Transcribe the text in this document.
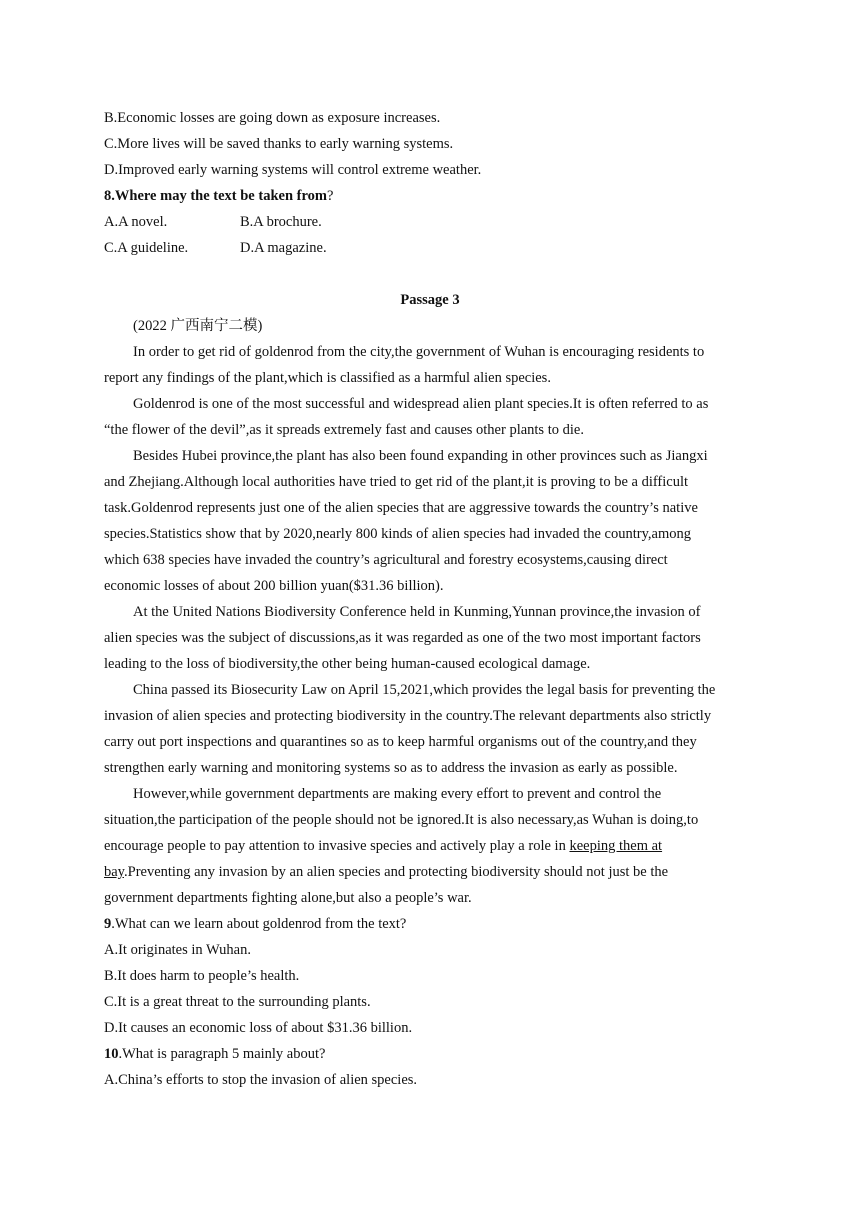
B.Economic losses are going down as exposure increases.
C.More lives will be saved thanks to early warning systems.
D.Improved early warning systems will control extreme weather.
8.Where may the text be taken from?
A.A novel.	B.A brochure.
C.A guideline.	D.A magazine.
Passage 3
(2022 广西南宁二模)
In order to get rid of goldenrod from the city,the government of Wuhan is encouraging residents to
report any findings of the plant,which is classified as a harmful alien species.
Goldenrod is one of the most successful and widespread alien plant species.It is often referred to as
“the flower of the devil”,as it spreads extremely fast and causes other plants to die.
Besides Hubei province,the plant has also been found expanding in other provinces such as Jiangxi
and Zhejiang.Although local authorities have tried to get rid of the plant,it is proving to be a difficult
task.Goldenrod represents just one of the alien species that are aggressive towards the country’s native
species.Statistics show that by 2020,nearly 800 kinds of alien species had invaded the country,among
which 638 species have invaded the country’s agricultural and forestry ecosystems,causing direct
economic losses of about 200 billion yuan($31.36 billion).
At the United Nations Biodiversity Conference held in Kunming,Yunnan province,the invasion of
alien species was the subject of discussions,as it was regarded as one of the two most important factors
leading to the loss of biodiversity,the other being human-caused ecological damage.
China passed its Biosecurity Law on April 15,2021,which provides the legal basis for preventing the
invasion of alien species and protecting biodiversity in the country.The relevant departments also strictly
carry out port inspections and quarantines so as to keep harmful organisms out of the country,and they
strengthen early warning and monitoring systems so as to address the invasion as early as possible.
However,while government departments are making every effort to prevent and control the
situation,the participation of the people should not be ignored.It is also necessary,as Wuhan is doing,to
encourage people to pay attention to invasive species and actively play a role in keeping them at
bay.Preventing any invasion by an alien species and protecting biodiversity should not just be the
government departments fighting alone,but also a people’s war.
9.What can we learn about goldenrod from the text?
A.It originates in Wuhan.
B.It does harm to people’s health.
C.It is a great threat to the surrounding plants.
D.It causes an economic loss of about $31.36 billion.
10.What is paragraph 5 mainly about?
A.China’s efforts to stop the invasion of alien species.
